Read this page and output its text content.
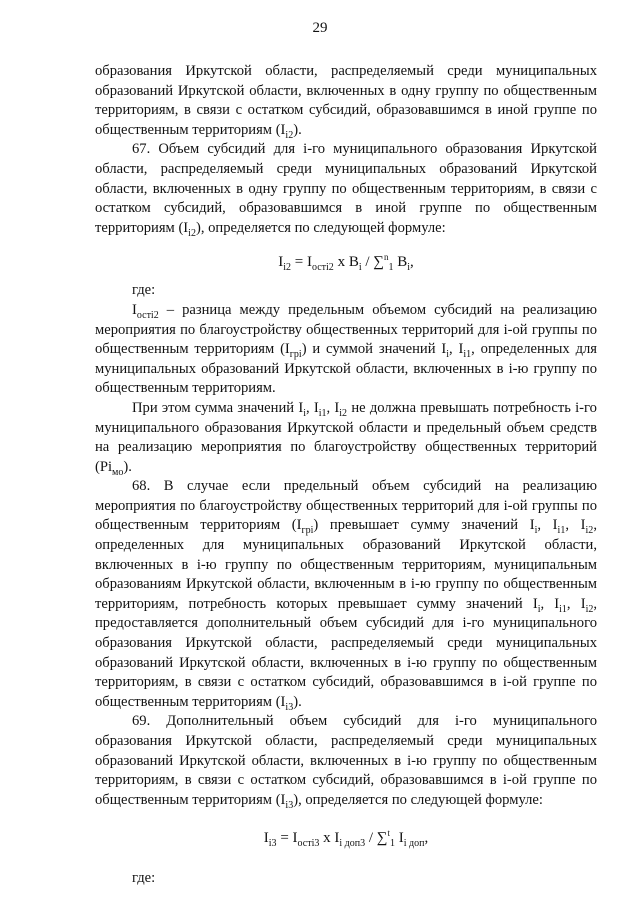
29

образования Иркутской области, распределяемый среди муниципальных образований Иркутской области, включенных в одну группу по общественным территориям, в связи с остатком субсидий, образовавшимся в иной группе по общественным территориям $(I_{i2})$.

67. Объем субсидий для i-го муниципального образования Иркутской области, распределяемый среди муниципальных образований Иркутской области, включенных в одну группу по общественным территориям, в связи с остатком субсидий, образовавшимся в иной группе по общественным территориям $(I_{i2})$, определяется по следующей формуле:

$I_{i2} = I_{остi2}$ x $B_i / \sum^n_1$ $B_i$,

где:

$I_{остi2}$ – разница между предельным объемом субсидий на реализацию мероприятия по благоустройству общественных территорий для i-ой группы по общественным территориям $(I_{грi})$ и суммой значений $I_i$, $I_{i1}$, определенных для муниципальных образований Иркутской области, включенных в i-ю группу по общественным территориям.

При этом сумма значений $I_i$, $I_{i1}$, $I_{i2}$ не должна превышать потребность i-го муниципального образования Иркутской области и предельный объем средств на реализацию мероприятия по благоустройству общественных территорий $(Pi_{мо})$.

68. В случае если предельный объем субсидий на реализацию мероприятия по благоустройству общественных территорий для i-ой группы по общественным территориям $(I_{грi})$ превышает сумму значений $I_i$, $I_{i1}$, $I_{i2}$, определенных для муниципальных образований Иркутской области, включенных в i-ю группу по общественным территориям, муниципальным образованиям Иркутской области, включенным в i-ю группу по общественным территориям, потребность которых превышает сумму значений $I_i$, $I_{i1}$, $I_{i2}$, предоставляется дополнительный объем субсидий для i-го муниципального образования Иркутской области, распределяемый среди муниципальных образований Иркутской области, включенных в i-ю группу по общественным территориям, в связи с остатком субсидий, образовавшимся в i-ой группе по общественным территориям $(I_{i3})$.

69. Дополнительный объем субсидий для i-го муниципального образования Иркутской области, распределяемый среди муниципальных образований Иркутской области, включенных в i-ю группу по общественным территориям, в связи с остатком субсидий, образовавшимся в i-ой группе по общественным территориям $(I_{i3})$, определяется по следующей формуле:

$I_{i3} = I_{остi3}$ x $I_{i доп3} / \sum^t_1$ $I_{i доп}$,

где:
